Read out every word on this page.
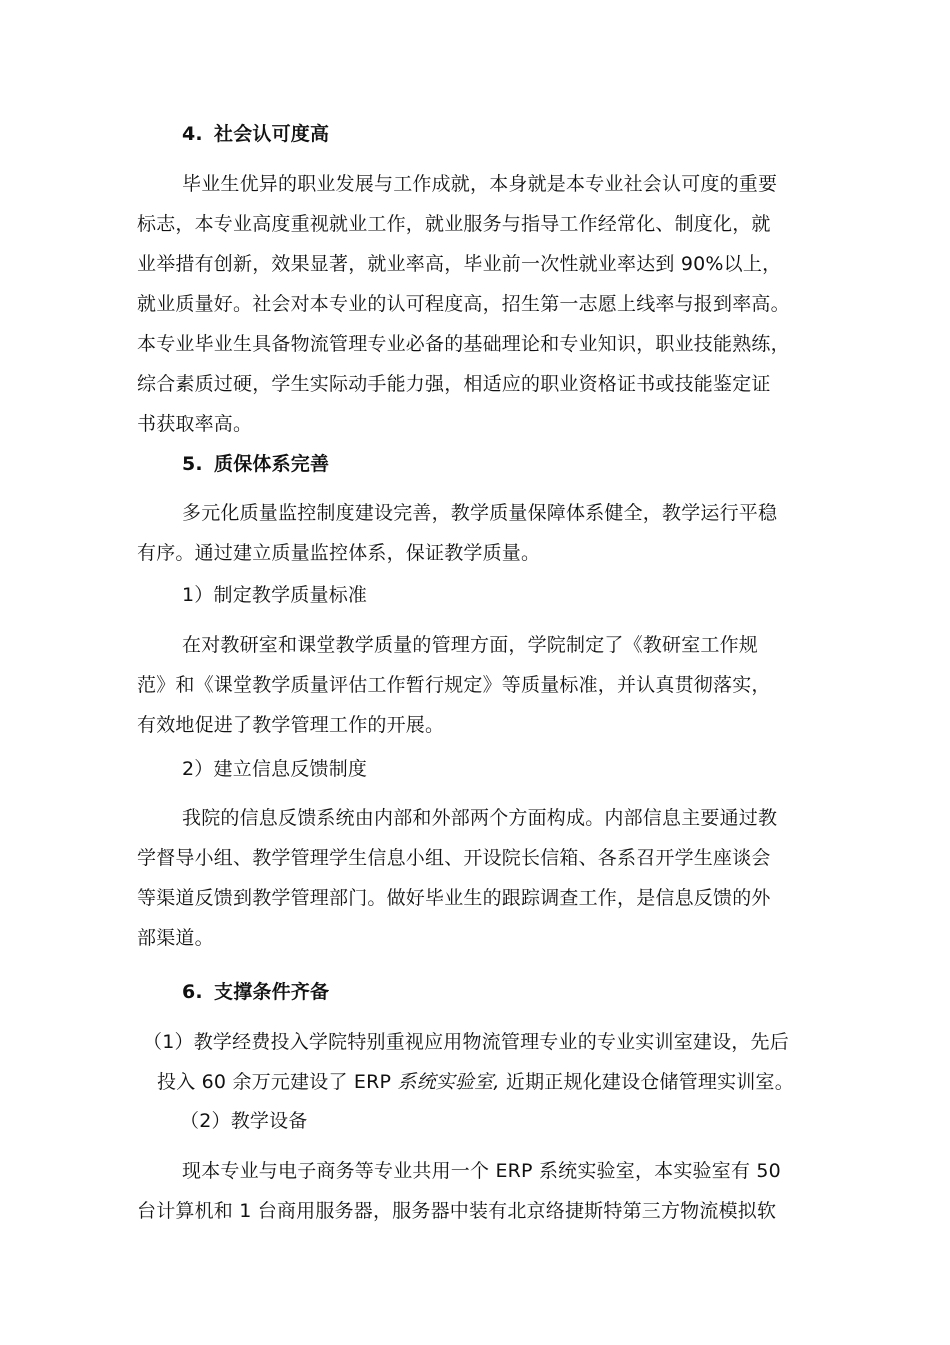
4. 社会认可度高
毕业生优异的职业发展与工作成就，本身就是本专业社会认可度的重要
标志，本专业高度重视就业工作，就业服务与指导工作经常化、制度化，就
业举措有创新，效果显著，就业率高，毕业前一次性就业率达到 90%以上，
就业质量好。社会对本专业的认可程度高，招生第一志愿上线率与报到率高。
本专业毕业生具备物流管理专业必备的基础理论和专业知识，职业技能熟练，
综合素质过硬，学生实际动手能力强，相适应的职业资格证书或技能鉴定证
书获取率高。
5. 质保体系完善
多元化质量监控制度建设完善，教学质量保障体系健全，教学运行平稳
有序。通过建立质量监控体系，保证教学质量。
1）制定教学质量标准
在对教研室和课堂教学质量的管理方面，学院制定了《教研室工作规
范》和《课堂教学质量评估工作暂行规定》等质量标准，并认真贯彻落实，
有效地促进了教学管理工作的开展。
2）建立信息反馈制度
我院的信息反馈系统由内部和外部两个方面构成。内部信息主要通过教
学督导小组、教学管理学生信息小组、开设院长信箱、各系召开学生座谈会
等渠道反馈到教学管理部门。做好毕业生的跟踪调查工作，是信息反馈的外
部渠道。
6. 支撑条件齐备
（1）教学经费投入学院特别重视应用物流管理专业的专业实训室建设，先后
投入 60 余万元建设了 ERP 系统实验室, 近期正规化建设仓储管理实训室。
（2）教学设备
现本专业与电子商务等专业共用一个 ERP 系统实验室，本实验室有 50
台计算机和 1 台商用服务器，服务器中装有北京络捷斯特第三方物流模拟软
